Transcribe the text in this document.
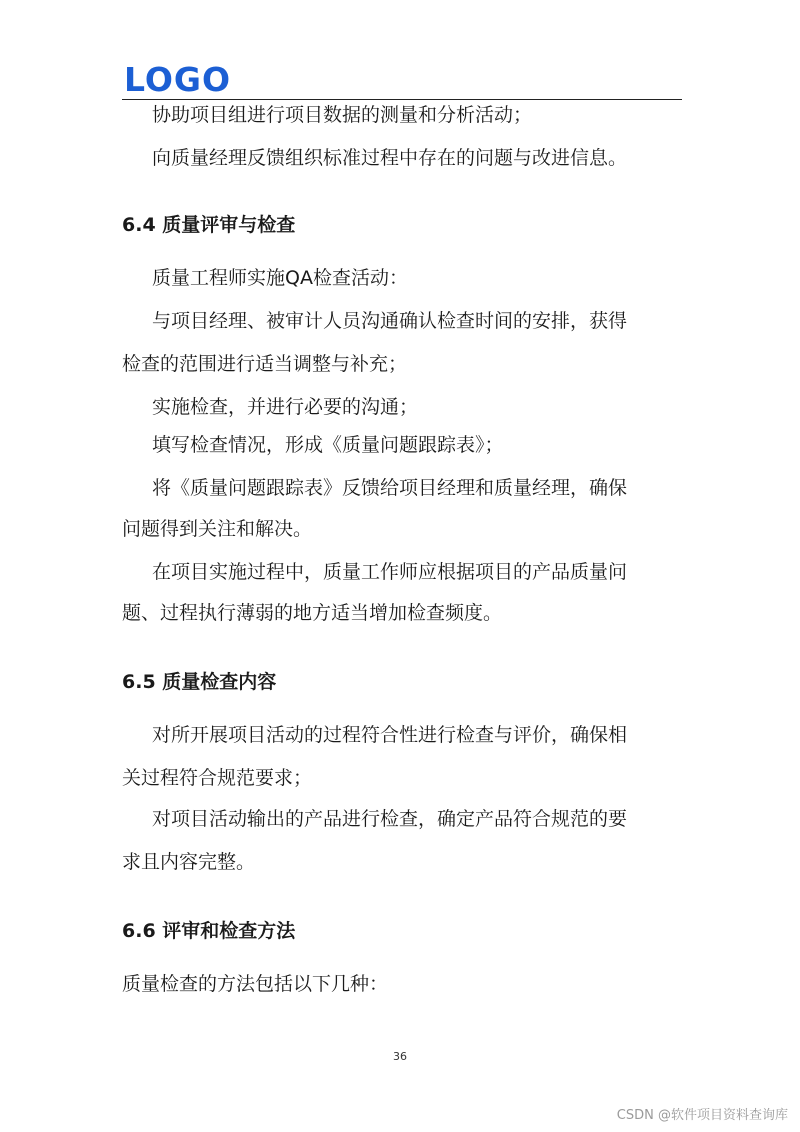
LOGO
协助项目组进行项目数据的测量和分析活动；
向质量经理反馈组织标准过程中存在的问题与改进信息。
6.4 质量评审与检查
质量工程师实施QA检查活动：
与项目经理、被审计人员沟通确认检查时间的安排，获得
检查的范围进行适当调整与补充；
实施检查，并进行必要的沟通；
填写检查情况，形成《质量问题跟踪表》；
将《质量问题跟踪表》反馈给项目经理和质量经理，确保
问题得到关注和解决。
在项目实施过程中，质量工作师应根据项目的产品质量问
题、过程执行薄弱的地方适当增加检查频度。
6.5 质量检查内容
对所开展项目活动的过程符合性进行检查与评价，确保相
关过程符合规范要求；
对项目活动输出的产品进行检查，确定产品符合规范的要
求且内容完整。
6.6 评审和检查方法
质量检查的方法包括以下几种：
36
CSDN @软件项目资料查询库
